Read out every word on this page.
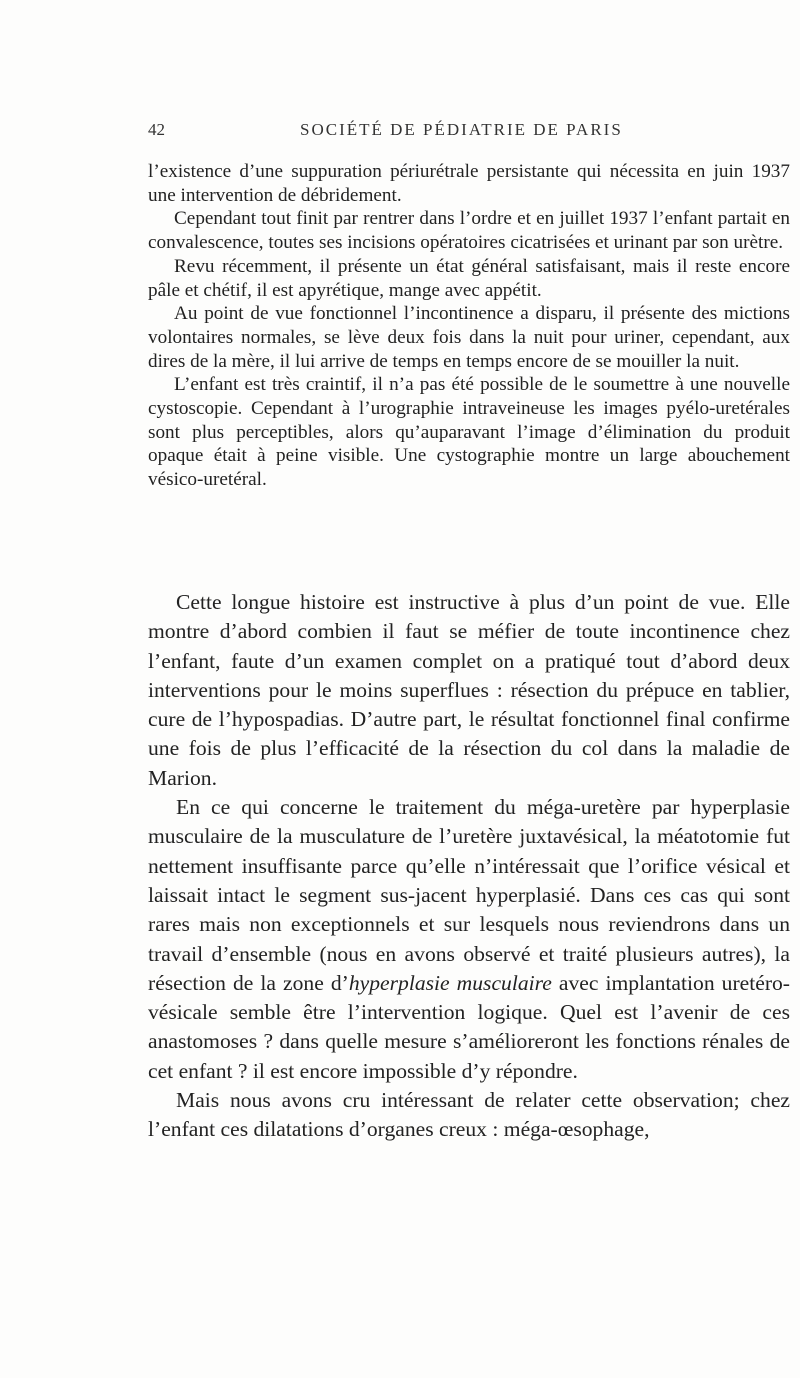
42	SOCIÉTÉ DE PÉDIATRIE DE PARIS

l’existence d’une suppuration périurétrale persistante qui nécessita en juin 1937 une intervention de débridement.

Cependant tout finit par rentrer dans l’ordre et en juillet 1937 l’enfant partait en convalescence, toutes ses incisions opératoires cicatrisées et urinant par son urètre.

Revu récemment, il présente un état général satisfaisant, mais il reste encore pâle et chétif, il est apyrétique, mange avec appétit.

Au point de vue fonctionnel l’incontinence a disparu, il présente des mictions volontaires normales, se lève deux fois dans la nuit pour uriner, cependant, aux dires de la mère, il lui arrive de temps en temps encore de se mouiller la nuit.

L’enfant est très craintif, il n’a pas été possible de le soumettre à une nouvelle cystoscopie. Cependant à l’urographie intraveineuse les images pyélo-uretérales sont plus perceptibles, alors qu’auparavant l’image d’élimination du produit opaque était à peine visible. Une cystographie montre un large abouchement vésico-uretéral.

Cette longue histoire est instructive à plus d’un point de vue. Elle montre d’abord combien il faut se méfier de toute incontinence chez l’enfant, faute d’un examen complet on a pratiqué tout d’abord deux interventions pour le moins superflues : résection du prépuce en tablier, cure de l’hypospadias. D’autre part, le résultat fonctionnel final confirme une fois de plus l’efficacité de la résection du col dans la maladie de Marion.

En ce qui concerne le traitement du méga-uretère par hyperplasie musculaire de la musculature de l’uretère juxtavésical, la méatotomie fut nettement insuffisante parce qu’elle n’intéressait que l’orifice vésical et laissait intact le segment sus-jacent hyperplasié. Dans ces cas qui sont rares mais non exceptionnels et sur lesquels nous reviendrons dans un travail d’ensemble (nous en avons observé et traité plusieurs autres), la résection de la zone d’hyperplasie musculaire avec implantation uretéro-vésicale semble être l’intervention logique. Quel est l’avenir de ces anastomoses ? dans quelle mesure s’amélioreront les fonctions rénales de cet enfant ? il est encore impossible d’y répondre.

Mais nous avons cru intéressant de relater cette observation; chez l’enfant ces dilatations d’organes creux : méga-œsophage,
